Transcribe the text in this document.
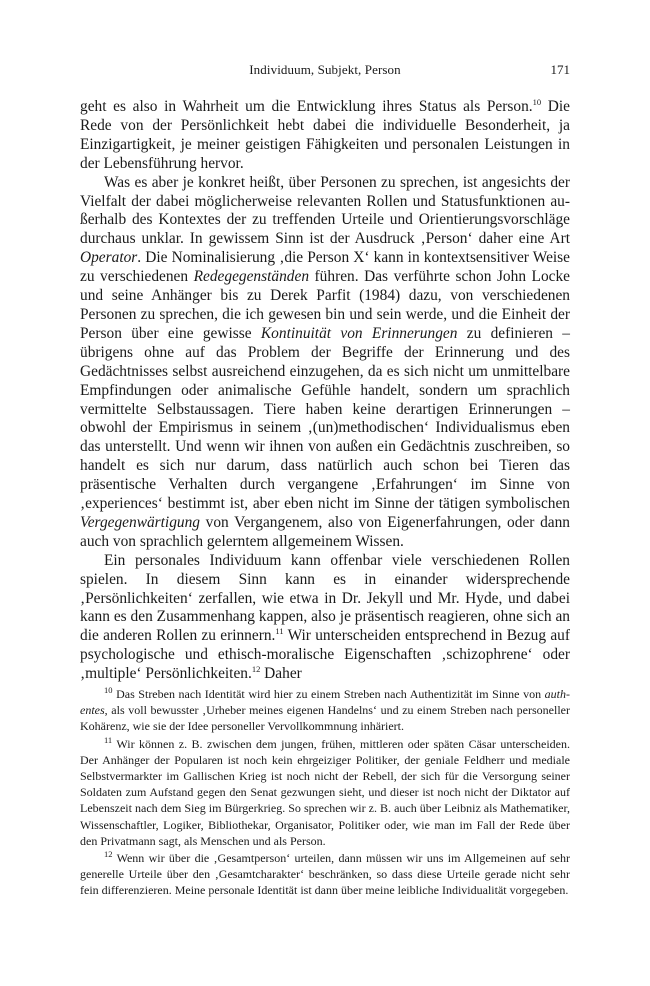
Individuum, Subjekt, Person	171

geht es also in Wahrheit um die Entwicklung ihres Status als Person.$^{10}$ Die Rede von der Persönlichkeit hebt dabei die individuelle Besonderheit, ja Einzigartigkeit, je meiner geistigen Fähigkeiten und personalen Leistungen in der Lebensführung hervor.

Was es aber je konkret heißt, über Personen zu sprechen, ist angesichts der Vielfalt der dabei möglicherweise relevanten Rollen und Statusfunktionen außerhalb des Kontextes der zu treffenden Urteile und Orientierungsvorschläge durchaus unklar. In gewissem Sinn ist der Ausdruck ‚Person‘ daher eine Art Operator. Die Nominalisierung ‚die Person X‘ kann in kontextsensitiver Weise zu verschiedenen Redegegenständen führen. Das verführte schon John Locke und seine Anhänger bis zu Derek Parfit (1984) dazu, von verschiedenen Personen zu sprechen, die ich gewesen bin und sein werde, und die Einheit der Person über eine gewisse Kontinuität von Erinnerungen zu definieren – übrigens ohne auf das Problem der Begriffe der Erinnerung und des Gedächtnisses selbst ausreichend einzugehen, da es sich nicht um unmittelbare Empfindungen oder animalische Gefühle handelt, sondern um sprachlich vermittelte Selbstaussagen. Tiere haben keine derartigen Erinnerungen – obwohl der Empirismus in seinem ‚(un)methodischen‘ Individualismus eben das unterstellt. Und wenn wir ihnen von außen ein Gedächtnis zuschreiben, so handelt es sich nur darum, dass natürlich auch schon bei Tieren das präsentische Verhalten durch vergangene ‚Erfahrungen‘ im Sinne von ‚experiences‘ bestimmt ist, aber eben nicht im Sinne der tätigen symbolischen Vergegenwärtigung von Vergangenem, also von Eigenerfahrungen, oder dann auch von sprachlich gelerntem allgemeinem Wissen.

Ein personales Individuum kann offenbar viele verschiedenen Rollen spielen. In diesem Sinn kann es in einander widersprechende ‚Persönlichkeiten‘ zerfallen, wie etwa in Dr. Jekyll und Mr. Hyde, und dabei kann es den Zusammenhang kappen, also je präsentisch reagieren, ohne sich an die anderen Rollen zu erinnern.$^{11}$ Wir unterscheiden entsprechend in Bezug auf psychologische und ethisch-moralische Eigenschaften ‚schizophrene‘ oder ‚multiple‘ Persönlichkeiten.$^{12}$ Daher

$^{10}$ Das Streben nach Identität wird hier zu einem Streben nach Authentizität im Sinne von authentes, als voll bewusster ‚Urheber meines eigenen Handelns‘ und zu einem Streben nach personeller Kohärenz, wie sie der Idee personeller Vervollkommnung inhäriert.

$^{11}$ Wir können z. B. zwischen dem jungen, frühen, mittleren oder späten Cäsar unterscheiden. Der Anhänger der Popularen ist noch kein ehrgeiziger Politiker, der geniale Feldherr und mediale Selbstvermarkter im Gallischen Krieg ist noch nicht der Rebell, der sich für die Versorgung seiner Soldaten zum Aufstand gegen den Senat gezwungen sieht, und dieser ist noch nicht der Diktator auf Lebenszeit nach dem Sieg im Bürgerkrieg. So sprechen wir z. B. auch über Leibniz als Mathematiker, Wissenschaftler, Logiker, Bibliothekar, Organisator, Politiker oder, wie man im Fall der Rede über den Privatmann sagt, als Menschen und als Person.

$^{12}$ Wenn wir über die ‚Gesamtperson‘ urteilen, dann müssen wir uns im Allgemeinen auf sehr generelle Urteile über den ‚Gesamtcharakter‘ beschränken, so dass diese Urteile gerade nicht sehr fein differenzieren. Meine personale Identität ist dann über meine leibliche Individualität vorgegeben.
